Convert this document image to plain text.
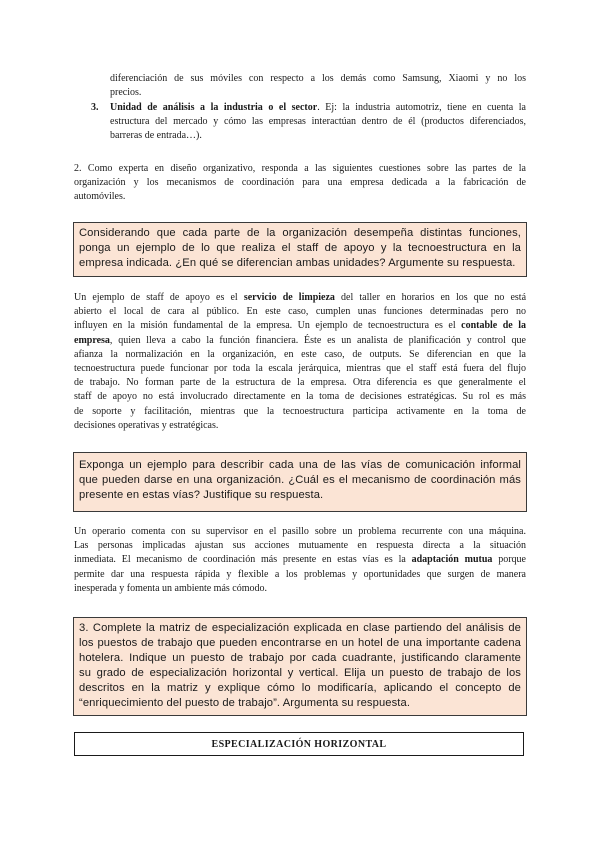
diferenciación de sus móviles con respecto a los demás como Samsung, Xiaomi y no los
precios.
3. Unidad de análisis a la industria o el sector. Ej: la industria automotriz, tiene en cuenta la
estructura del mercado y cómo las empresas interactúan dentro de él (productos diferenciados,
barreras de entrada…).
2. Como experta en diseño organizativo, responda a las siguientes cuestiones sobre las partes de la
organización y los mecanismos de coordinación para una empresa dedicada a la fabricación de
automóviles.
Considerando que cada parte de la organización desempeña distintas funciones,
ponga un ejemplo de lo que realiza el staff de apoyo y la tecnoestructura en la
empresa indicada. ¿En qué se diferencian ambas unidades? Argumente su respuesta.
Un ejemplo de staff de apoyo es el servicio de limpieza del taller en horarios en los que no está
abierto el local de cara al público. En este caso, cumplen unas funciones determinadas pero no
influyen en la misión fundamental de la empresa. Un ejemplo de tecnoestructura es el contable de la
empresa, quien lleva a cabo la función financiera. Éste es un analista de planificación y control que
afianza la normalización en la organización, en este caso, de outputs. Se diferencian en que la
tecnoestructura puede funcionar por toda la escala jerárquica, mientras que el staff está fuera del flujo
de trabajo. No forman parte de la estructura de la empresa. Otra diferencia es que generalmente el
staff de apoyo no está involucrado directamente en la toma de decisiones estratégicas. Su rol es más
de soporte y facilitación, mientras que la tecnoestructura participa activamente en la toma de
decisiones operativas y estratégicas.
Exponga un ejemplo para describir cada una de las vías de comunicación informal
que pueden darse en una organización. ¿Cuál es el mecanismo de coordinación más
presente en estas vías? Justifique su respuesta.
Un operario comenta con su supervisor en el pasillo sobre un problema recurrente con una máquina.
Las personas implicadas ajustan sus acciones mutuamente en respuesta directa a la situación
inmediata. El mecanismo de coordinación más presente en estas vías es la adaptación mutua porque
permite dar una respuesta rápida y flexible a los problemas y oportunidades que surgen de manera
inesperada y fomenta un ambiente más cómodo.
3. Complete la matriz de especialización explicada en clase partiendo del análisis de
los puestos de trabajo que pueden encontrarse en un hotel de una importante cadena
hotelera. Indique un puesto de trabajo por cada cuadrante, justificando claramente
su grado de especialización horizontal y vertical. Elija un puesto de trabajo de los
descritos en la matriz y explique cómo lo modificaría, aplicando el concepto de
“enriquecimiento del puesto de trabajo”. Argumenta su respuesta.
ESPECIALIZACIÓN HORIZONTAL
